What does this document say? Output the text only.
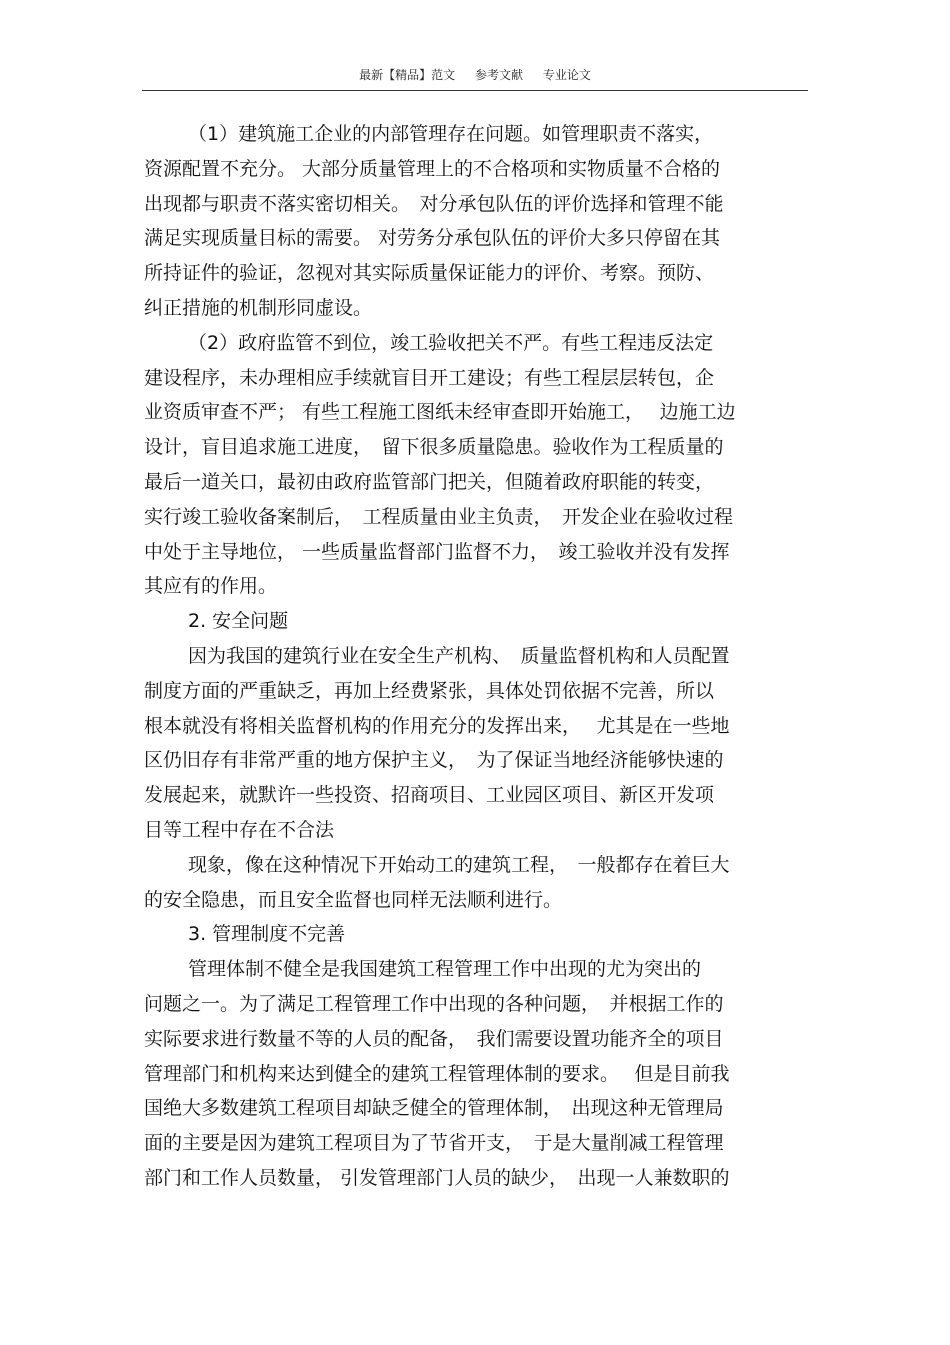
最新【精品】范文 参考文献 专业论文
（1）建筑施工企业的内部管理存在问题。如管理职责不落实，
资源配置不充分。 大部分质量管理上的不合格项和实物质量不合格的
出现都与职责不落实密切相关。　对分承包队伍的评价选择和管理不能
满足实现质量目标的需要。 对劳务分承包队伍的评价大多只停留在其
所持证件的验证，忽视对其实际质量保证能力的评价、考察。预防、
纠正措施的机制形同虚设。
（2）政府监管不到位，竣工验收把关不严。有些工程违反法定
建设程序，未办理相应手续就盲目开工建设；有些工程层层转包，企
业资质审查不严； 有些工程施工图纸未经审查即开始施工，　 边施工边
设计，盲目追求施工进度，　留下很多质量隐患。验收作为工程质量的
最后一道关口，最初由政府监管部门把关，但随着政府职能的转变，
实行竣工验收备案制后，　工程质量由业主负责，　开发企业在验收过程
中处于主导地位， 一些质量监督部门监督不力，　竣工验收并没有发挥
其应有的作用。
2. 安全问题
因为我国的建筑行业在安全生产机构、　质量监督机构和人员配置
制度方面的严重缺乏，再加上经费紧张，具体处罚依据不完善，所以
根本就没有将相关监督机构的作用充分的发挥出来，　 尤其是在一些地
区仍旧存有非常严重的地方保护主义，　为了保证当地经济能够快速的
发展起来，就默许一些投资、招商项目、工业园区项目、新区开发项
目等工程中存在不合法
现象，像在这种情况下开始动工的建筑工程，　一般都存在着巨大
的安全隐患，而且安全监督也同样无法顺利进行。
3. 管理制度不完善
管理体制不健全是我国建筑工程管理工作中出现的尤为突出的
问题之一。为了满足工程管理工作中出现的各种问题，　并根据工作的
实际要求进行数量不等的人员的配备，　我们需要设置功能齐全的项目
管理部门和机构来达到健全的建筑工程管理体制的要求。　 但是目前我
国绝大多数建筑工程项目却缺乏健全的管理体制，　出现这种无管理局
面的主要是因为建筑工程项目为了节省开支，　于是大量削减工程管理
部门和工作人员数量， 引发管理部门人员的缺少，　出现一人兼数职的
